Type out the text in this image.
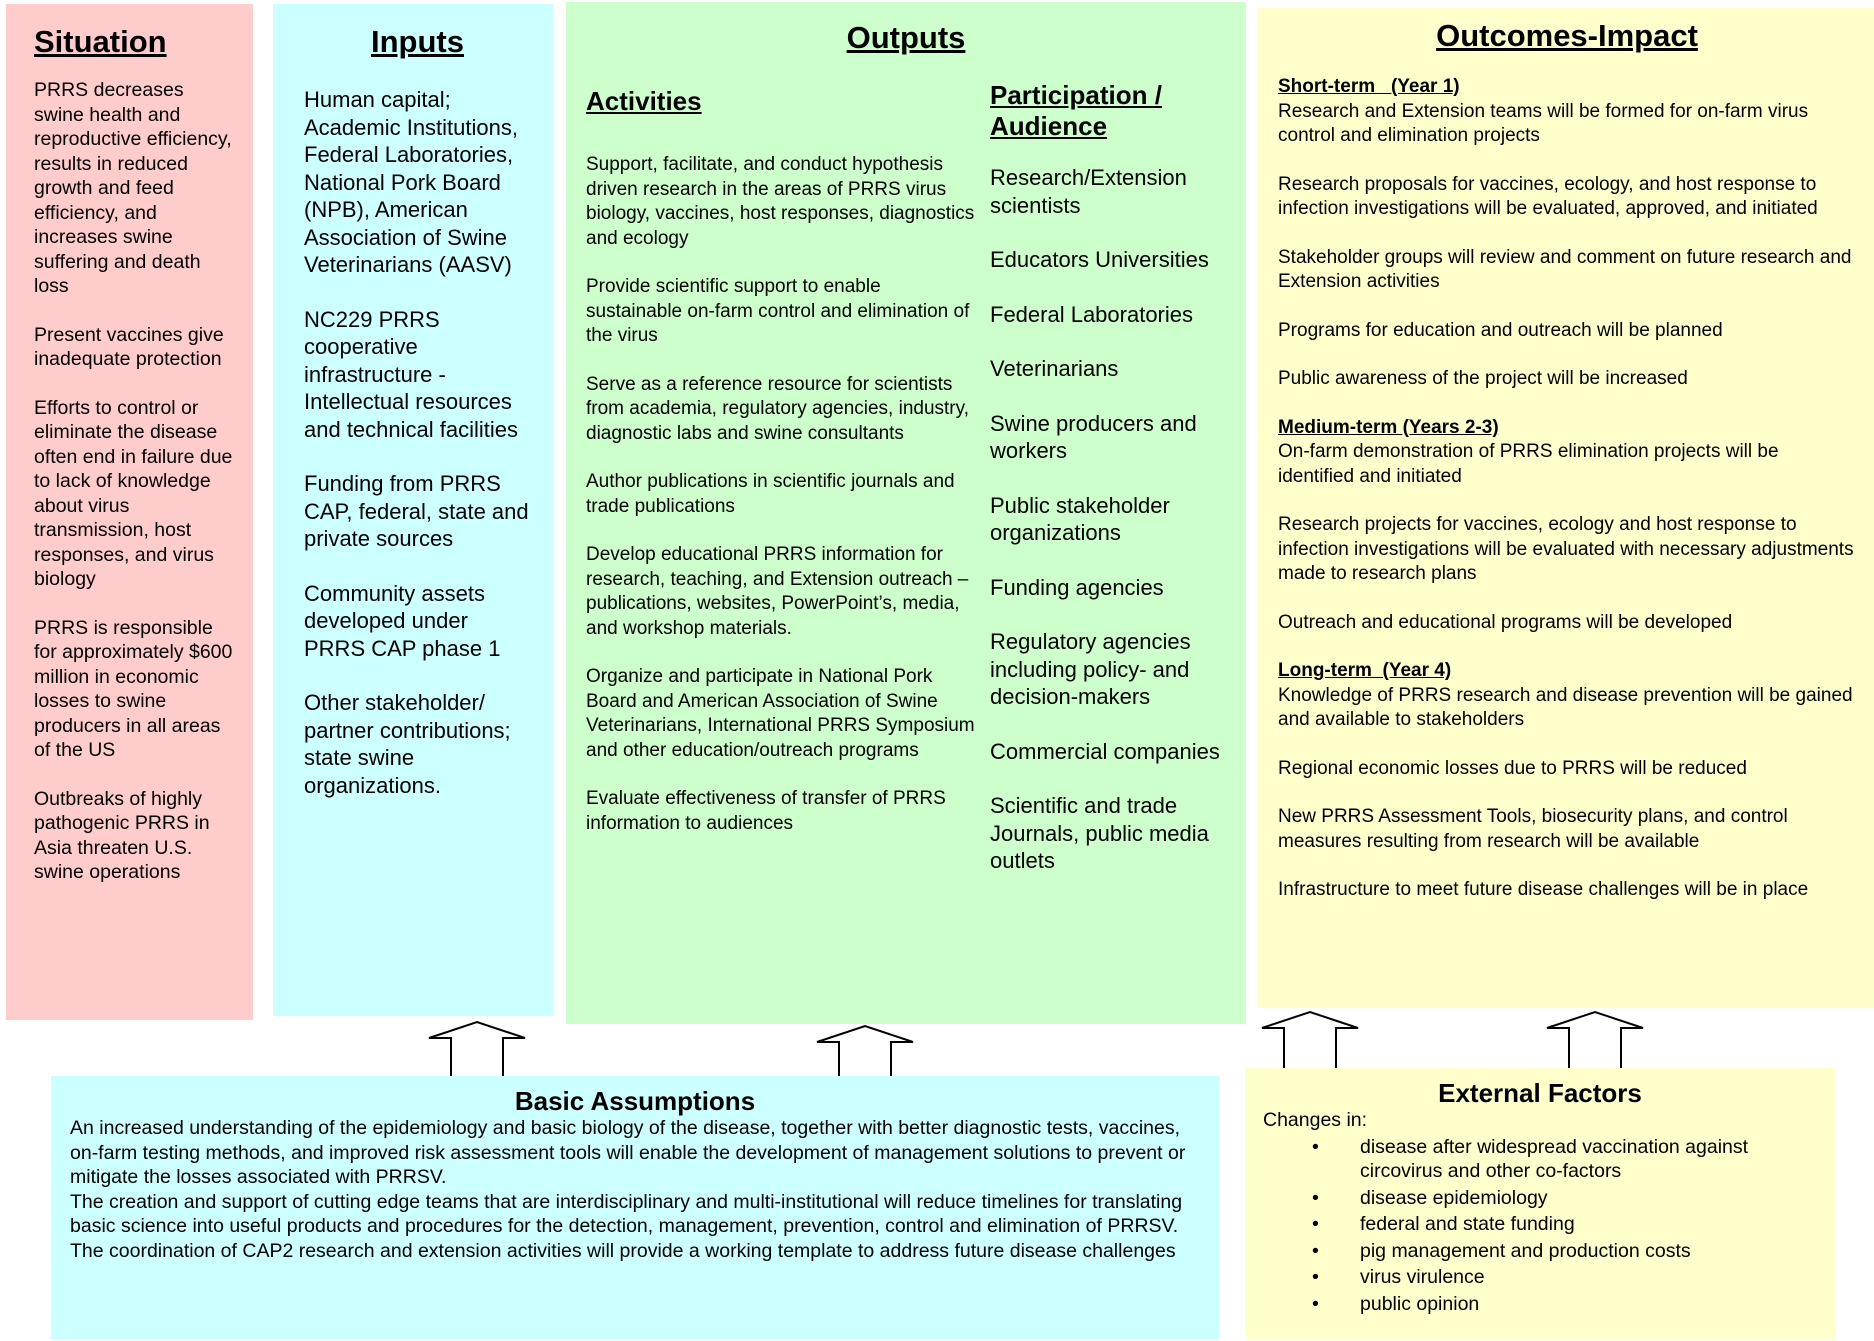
Situation

PRRS decreases swine health and reproductive efficiency, results in reduced growth and feed efficiency, and increases swine suffering and death loss

Present vaccines give inadequate protection

Efforts to control or eliminate the disease often end in failure due to lack of knowledge about virus transmission, host responses, and virus biology

PRRS is responsible for approximately $600 million in economic losses to swine producers in all areas of the US

Outbreaks of highly pathogenic PRRS in Asia threaten U.S. swine operations

Inputs

Human capital; Academic Institutions, Federal Laboratories, National Pork Board (NPB), American Association of Swine Veterinarians (AASV)

NC229 PRRS cooperative infrastructure - Intellectual resources and technical facilities

Funding from PRRS CAP, federal, state and private sources

Community assets developed under PRRS CAP phase 1

Other stakeholder/ partner contributions; state swine organizations.

Outputs
Activities

Support, facilitate, and conduct hypothesis driven research in the areas of PRRS virus biology, vaccines, host responses, diagnostics and ecology

Provide scientific support to enable sustainable on-farm control and elimination of the virus

Serve as a reference resource for scientists from academia, regulatory agencies, industry, diagnostic labs and swine consultants

Author publications in scientific journals and trade publications

Develop educational PRRS information for research, teaching, and Extension outreach – publications, websites, PowerPoint’s, media, and workshop materials.

Organize and participate in National Pork Board and American Association of Swine Veterinarians, International PRRS Symposium and other education/outreach programs

Evaluate effectiveness of transfer of PRRS information to audiences

Participation / Audience

Research/Extension scientists

Educators Universities

Federal Laboratories

Veterinarians

Swine producers and workers

Public stakeholder organizations

Funding agencies

Regulatory agencies including policy- and decision-makers

Commercial companies

Scientific and trade Journals, public media outlets

Outcomes-Impact
Short-term   (Year 1)

Research and Extension teams will be formed for on-farm virus control and elimination projects

Research proposals for vaccines, ecology, and host response to infection investigations will be evaluated, approved, and initiated

Stakeholder groups will review and comment on future research and Extension activities

Programs for education and outreach will be planned

Public awareness of the project will be increased

Medium-term (Years 2-3)

On-farm demonstration of PRRS elimination projects will be identified and initiated

Research projects for vaccines, ecology and host response to infection investigations will be evaluated with necessary adjustments made to research plans

Outreach and educational programs will be developed

Long-term  (Year 4)

Knowledge of PRRS research and disease prevention will be gained and available to stakeholders

Regional economic losses due to PRRS will be reduced

New PRRS Assessment Tools, biosecurity plans, and control measures resulting from research will be available

Infrastructure to meet future disease challenges will be in place

Basic Assumptions

An increased understanding of the epidemiology and basic biology of the disease, together with better diagnostic tests, vaccines, on-farm testing methods, and improved risk assessment tools will enable the development of management solutions to prevent or mitigate the losses associated with PRRSV.

The creation and support of cutting edge teams that are interdisciplinary and multi-institutional will reduce timelines for translating basic science into useful products and procedures for the detection, management, prevention, control and elimination of PRRSV.

The coordination of CAP2 research and extension activities will provide a working template to address future disease challenges

External Factors
Changes in:
• disease after widespread vaccination against circovirus and other co-factors
• disease epidemiology
• federal and state funding
• pig management and production costs
• virus virulence
• public opinion
